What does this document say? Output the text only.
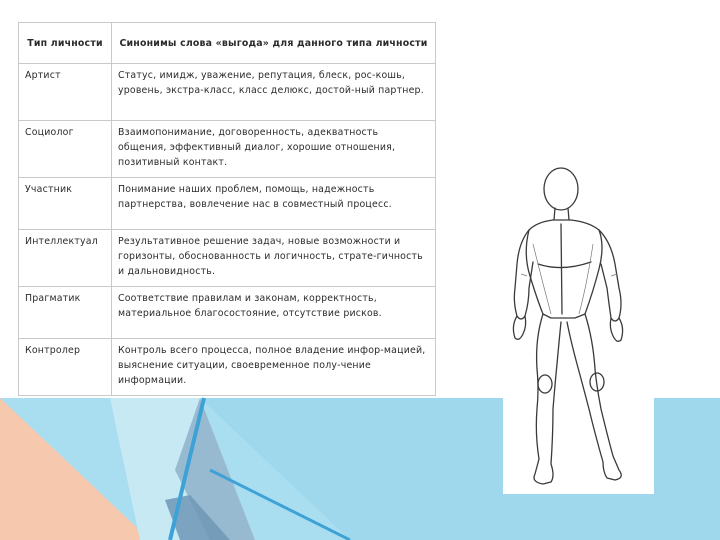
Тип личности	Синонимы слова «выгода» для данного типа личности
Артист	Статус, имидж, уважение, репутация, блеск, рос-кошь, уровень, экстра-класс, класс делюкс, достой-ный партнер.
Социолог	Взаимопонимание, договоренность, адекватность общения, эффективный диалог, хорошие отношения, позитивный контакт.
Участник	Понимание наших проблем, помощь, надежность партнерства, вовлечение нас в совместный процесс.
Интеллектуал	Результативное решение задач, новые возможности и горизонты, обоснованность и логичность, страте-гичность и дальновидность.
Прагматик	Соответствие правилам и законам, корректность, материальное благосостояние, отсутствие рисков.
Контролер	Контроль всего процесса, полное владение инфор-мацией, выяснение ситуации, своевременное полу-чение информации.
